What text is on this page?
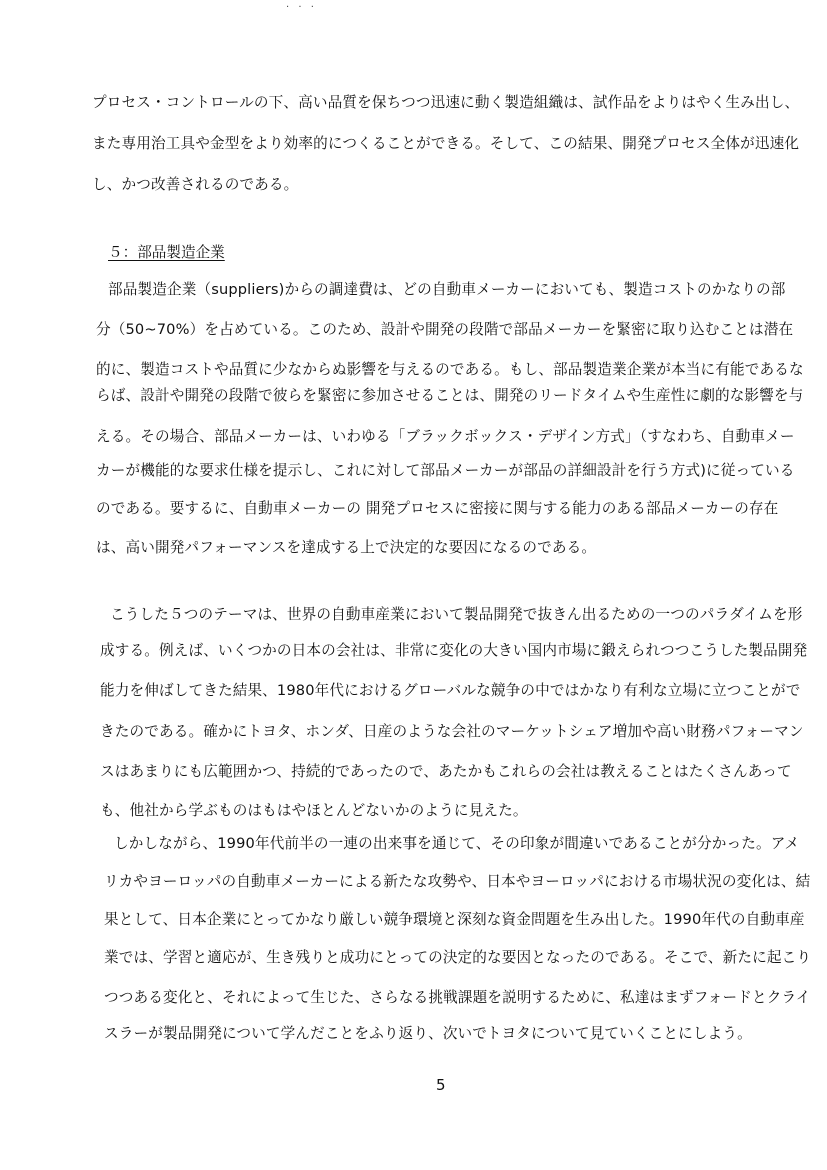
. . .
プロセス・コントロールの下、高い品質を保ちつつ迅速に動く製造組織は、試作品をよりはやく生み出し、
また専用治工具や金型をより効率的につくることができる。そして、この結果、開発プロセス全体が迅速化
し、かつ改善されるのである。
５：部品製造企業
部品製造企業（suppliers)からの調達費は、どの自動車メーカーにおいても、製造コストのかなりの部
分（50~70%）を占めている。このため、設計や開発の段階で部品メーカーを緊密に取り込むことは潜在
的に、製造コストや品質に少なからぬ影響を与えるのである。もし、部品製造業企業が本当に有能であるな
らば、設計や開発の段階で彼らを緊密に参加させることは、開発のリードタイムや生産性に劇的な影響を与
える。その場合、部品メーカーは、いわゆる「ブラックボックス・デザイン方式」（すなわち、自動車メー
カーが機能的な要求仕様を提示し、これに対して部品メーカーが部品の詳細設計を行う方式)に従っている
のである。要するに、自動車メーカーの 開発プロセスに密接に関与する能力のある部品メーカーの存在
は、高い開発パフォーマンスを達成する上で決定的な要因になるのである。
こうした５つのテーマは、世界の自動車産業において製品開発で抜きん出るための一つのパラダイムを形
成する。例えば、いくつかの日本の会社は、非常に変化の大きい国内市場に鍛えられつつこうした製品開発
能力を伸ばしてきた結果、1980年代におけるグローバルな競争の中ではかなり有利な立場に立つことがで
きたのである。確かにトヨタ、ホンダ、日産のような会社のマーケットシェア増加や高い財務パフォーマン
スはあまりにも広範囲かつ、持続的であったので、あたかもこれらの会社は教えることはたくさんあって
も、他社から学ぶものはもはやほとんどないかのように見えた。
しかしながら、1990年代前半の一連の出来事を通じて、その印象が間違いであることが分かった。アメ
リカやヨーロッパの自動車メーカーによる新たな攻勢や、日本やヨーロッパにおける市場状況の変化は、結
果として、日本企業にとってかなり厳しい競争環境と深刻な資金問題を生み出した。1990年代の自動車産
業では、学習と適応が、生き残りと成功にとっての決定的な要因となったのである。そこで、新たに起こり
つつある変化と、それによって生じた、さらなる挑戦課題を説明するために、私達はまずフォードとクライ
スラーが製品開発について学んだことをふり返り、次いでトヨタについて見ていくことにしよう。
5
